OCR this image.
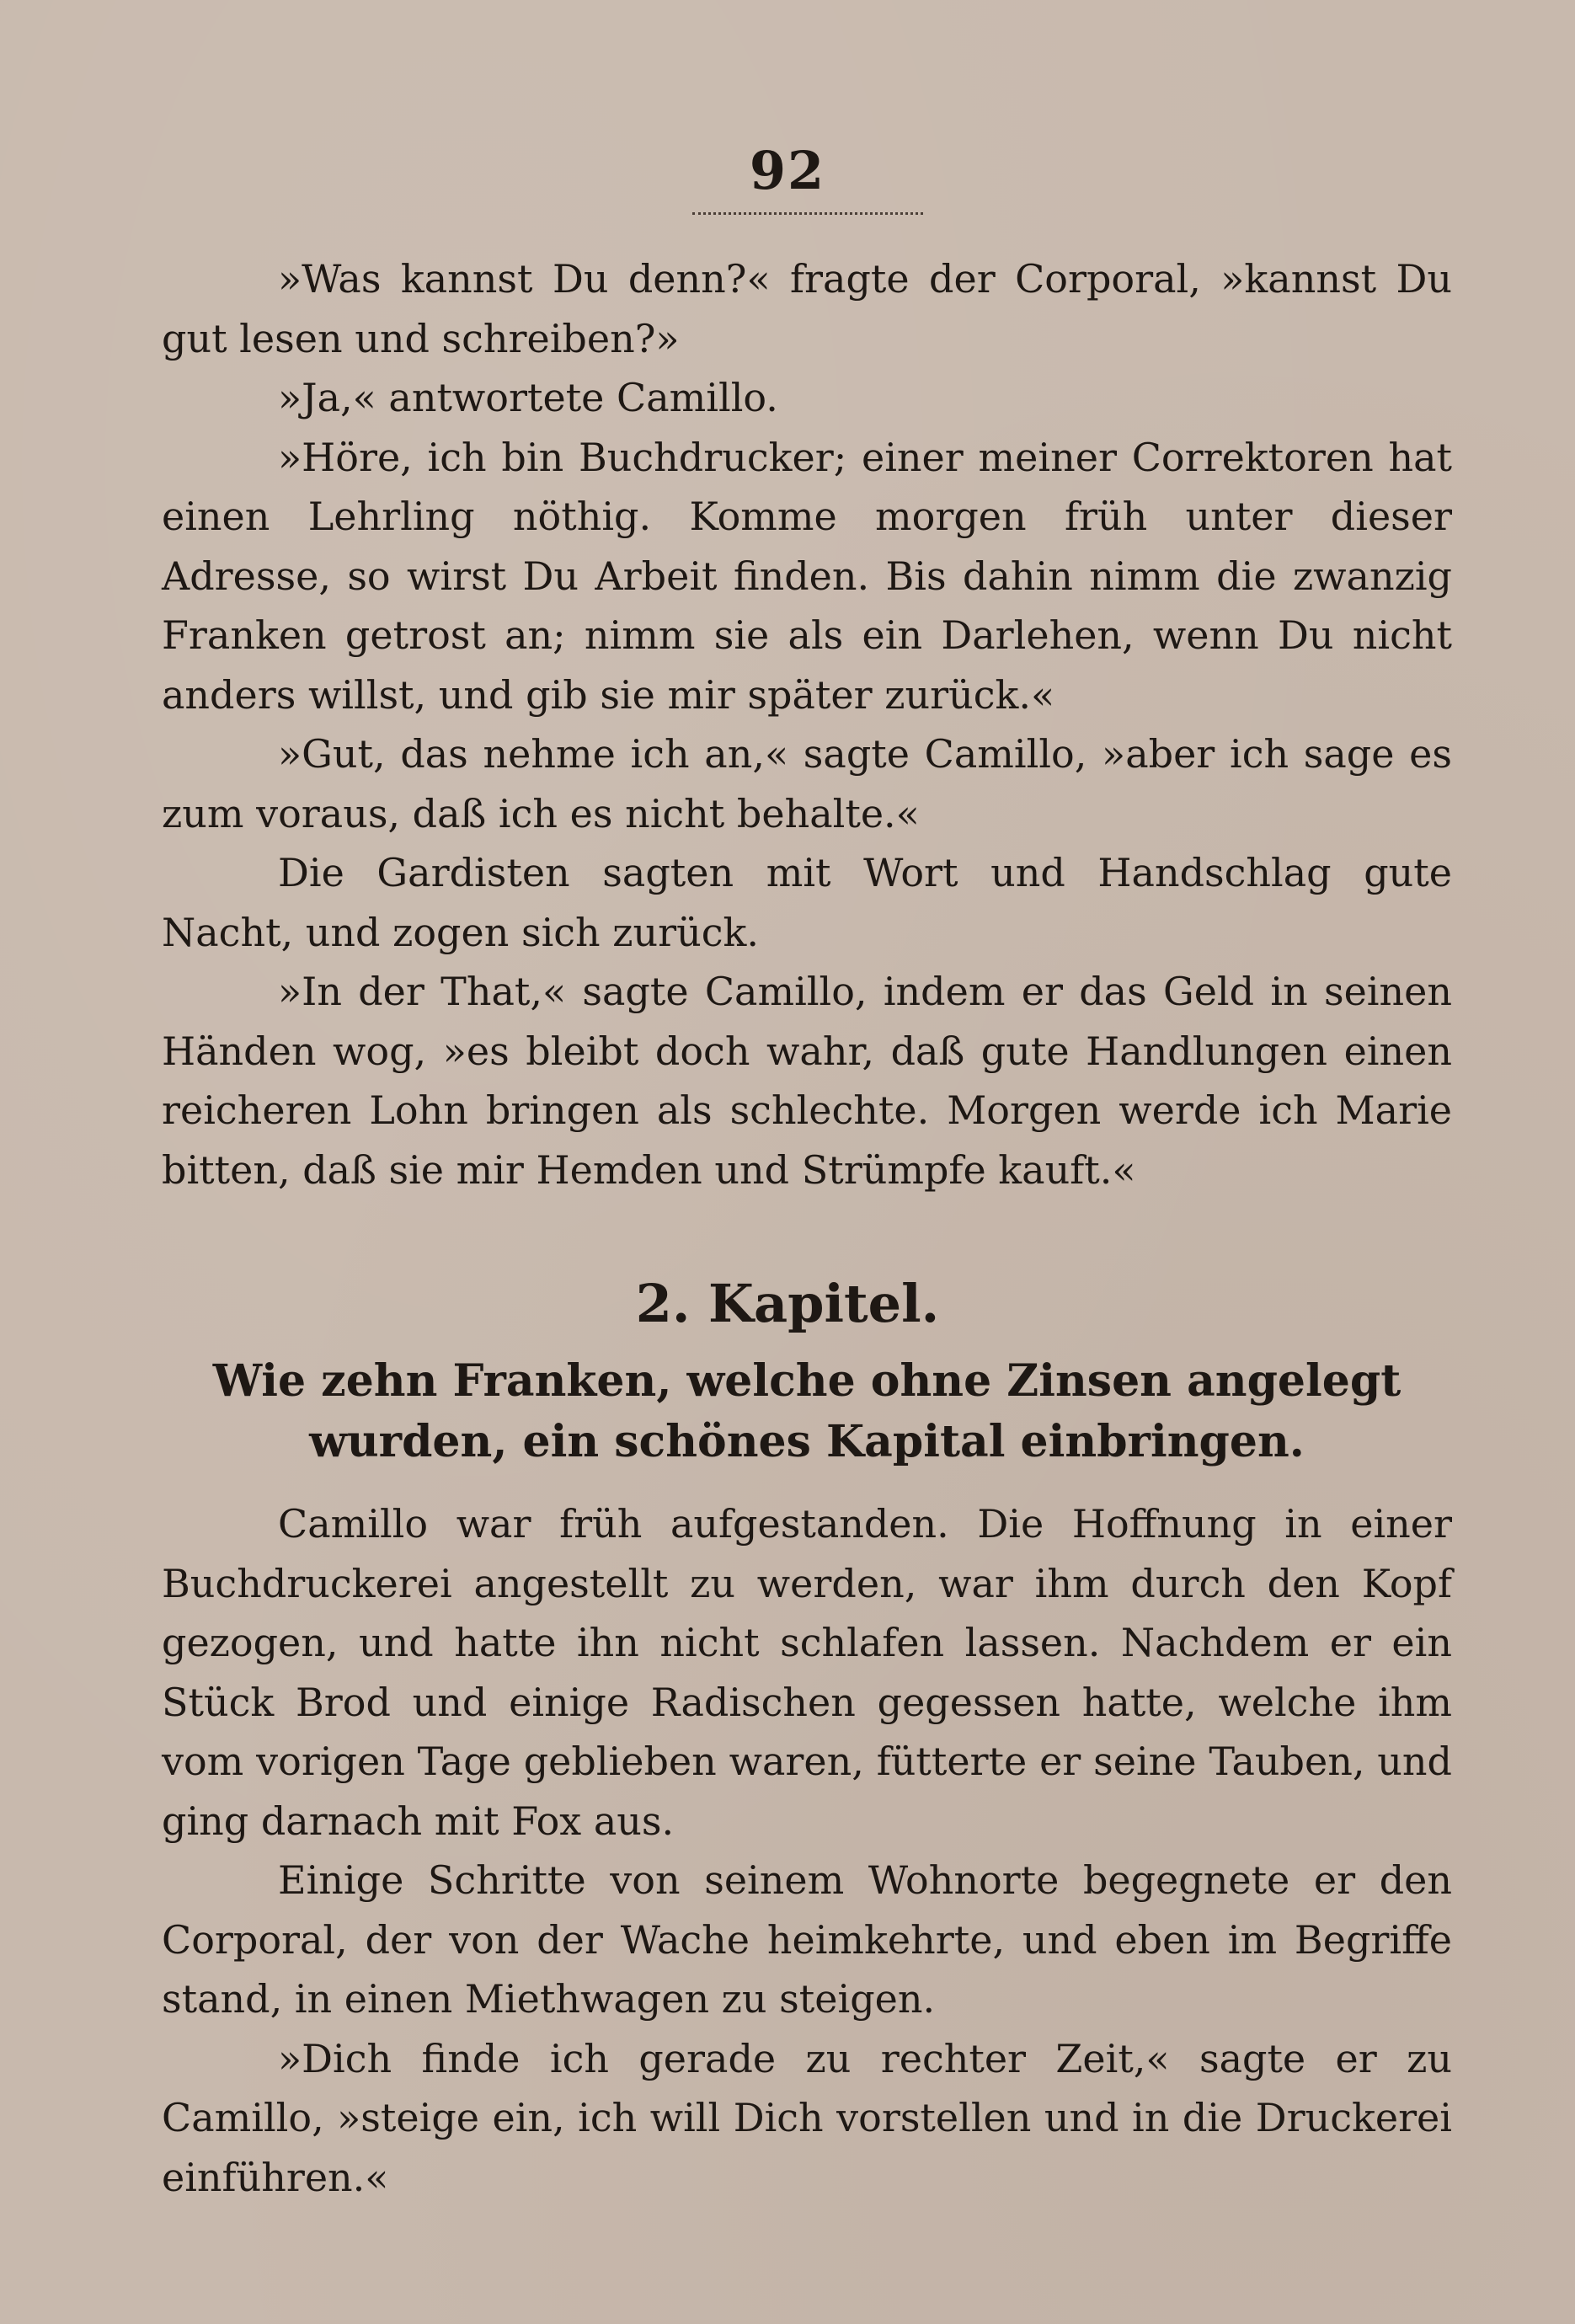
92

»Was kannst Du denn?« fragte der Corporal, »kannst Du gut lesen und schreiben?»

»Ja,« antwortete Camillo.

»Höre, ich bin Buchdrucker; einer meiner Correktoren hat einen Lehrling nöthig. Komme morgen früh unter dieser Adresse, so wirst Du Arbeit finden. Bis dahin nimm die zwanzig Franken getrost an; nimm sie als ein Darlehen, wenn Du nicht anders willst, und gib sie mir später zurück.«

»Gut, das nehme ich an,« sagte Camillo, »aber ich sage es zum voraus, daß ich es nicht behalte.«

Die Gardisten sagten mit Wort und Handschlag gute Nacht, und zogen sich zurück.

»In der That,« sagte Camillo, indem er das Geld in seinen Händen wog, »es bleibt doch wahr, daß gute Handlungen einen reicheren Lohn bringen als schlechte. Morgen werde ich Marie bitten, daß sie mir Hemden und Strümpfe kauft.«

2. Kapitel.
Wie zehn Franken, welche ohne Zinsen angelegt wurden, ein schönes Kapital einbringen.

Camillo war früh aufgestanden. Die Hoffnung in einer Buchdruckerei angestellt zu werden, war ihm durch den Kopf gezogen, und hatte ihn nicht schlafen lassen. Nachdem er ein Stück Brod und einige Radischen gegessen hatte, welche ihm vom vorigen Tage geblieben waren, fütterte er seine Tauben, und ging darnach mit Fox aus.

Einige Schritte von seinem Wohnorte begegnete er den Corporal, der von der Wache heimkehrte, und eben im Begriffe stand, in einen Miethwagen zu steigen.

»Dich finde ich gerade zu rechter Zeit,« sagte er zu Camillo, »steige ein, ich will Dich vorstellen und in die Druckerei einführen.«
